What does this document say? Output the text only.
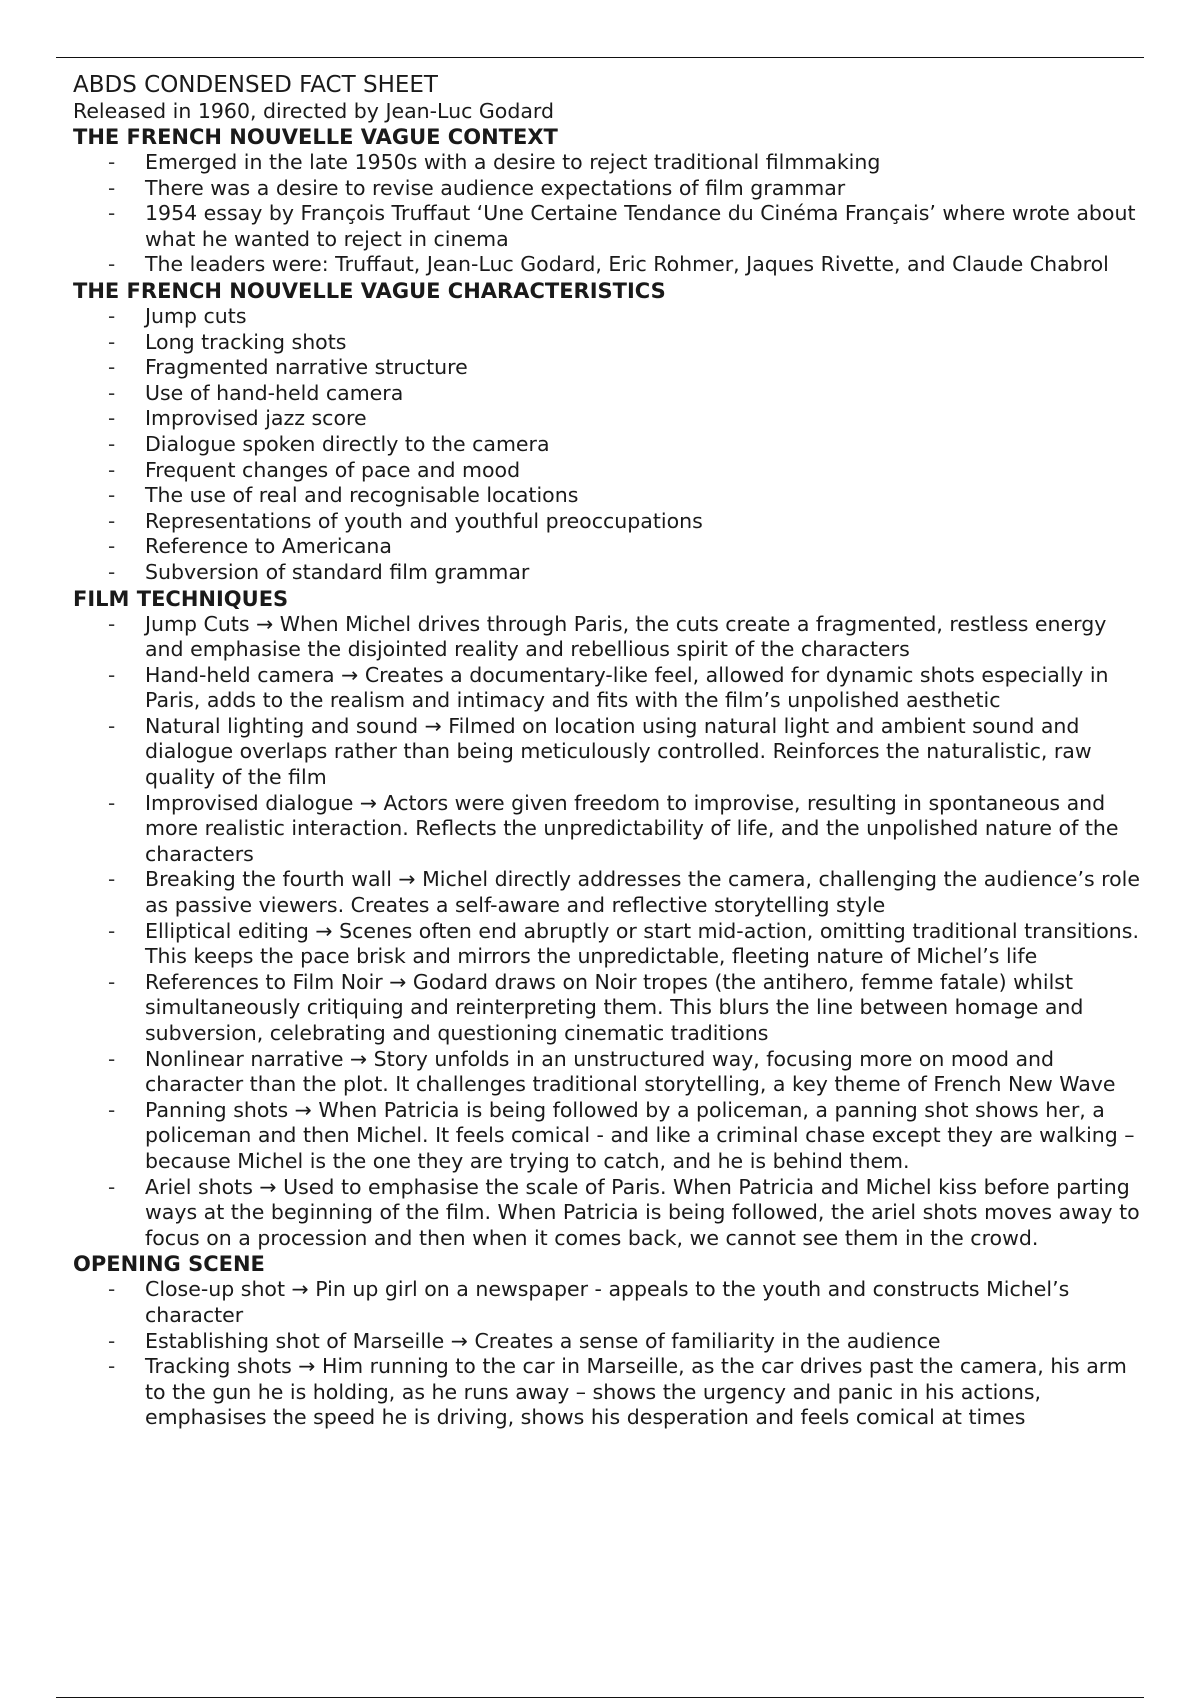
ABDS CONDENSED FACT SHEET
Released in 1960, directed by Jean-Luc Godard
THE FRENCH NOUVELLE VAGUE CONTEXT
- Emerged in the late 1950s with a desire to reject traditional filmmaking
- There was a desire to revise audience expectations of film grammar
- 1954 essay by François Truffaut ‘Une Certaine Tendance du Cinéma Français’ where wrote about what he wanted to reject in cinema
- The leaders were: Truffaut, Jean-Luc Godard, Eric Rohmer, Jaques Rivette, and Claude Chabrol
THE FRENCH NOUVELLE VAGUE CHARACTERISTICS
- Jump cuts
- Long tracking shots
- Fragmented narrative structure
- Use of hand-held camera
- Improvised jazz score
- Dialogue spoken directly to the camera
- Frequent changes of pace and mood
- The use of real and recognisable locations
- Representations of youth and youthful preoccupations
- Reference to Americana
- Subversion of standard film grammar
FILM TECHNIQUES
- Jump Cuts → When Michel drives through Paris, the cuts create a fragmented, restless energy and emphasise the disjointed reality and rebellious spirit of the characters
- Hand-held camera → Creates a documentary-like feel, allowed for dynamic shots especially in Paris, adds to the realism and intimacy and fits with the film’s unpolished aesthetic
- Natural lighting and sound → Filmed on location using natural light and ambient sound and dialogue overlaps rather than being meticulously controlled. Reinforces the naturalistic, raw quality of the film
- Improvised dialogue → Actors were given freedom to improvise, resulting in spontaneous and more realistic interaction. Reflects the unpredictability of life, and the unpolished nature of the characters
- Breaking the fourth wall → Michel directly addresses the camera, challenging the audience’s role as passive viewers. Creates a self-aware and reflective storytelling style
- Elliptical editing → Scenes often end abruptly or start mid-action, omitting traditional transitions. This keeps the pace brisk and mirrors the unpredictable, fleeting nature of Michel’s life
- References to Film Noir → Godard draws on Noir tropes (the antihero, femme fatale) whilst simultaneously critiquing and reinterpreting them. This blurs the line between homage and subversion, celebrating and questioning cinematic traditions
- Nonlinear narrative → Story unfolds in an unstructured way, focusing more on mood and character than the plot. It challenges traditional storytelling, a key theme of French New Wave
- Panning shots → When Patricia is being followed by a policeman, a panning shot shows her, a policeman and then Michel. It feels comical - and like a criminal chase except they are walking – because Michel is the one they are trying to catch, and he is behind them.
- Ariel shots → Used to emphasise the scale of Paris. When Patricia and Michel kiss before parting ways at the beginning of the film. When Patricia is being followed, the ariel shots moves away to focus on a procession and then when it comes back, we cannot see them in the crowd.
OPENING SCENE
- Close-up shot → Pin up girl on a newspaper - appeals to the youth and constructs Michel’s character
- Establishing shot of Marseille → Creates a sense of familiarity in the audience
- Tracking shots → Him running to the car in Marseille, as the car drives past the camera, his arm to the gun he is holding, as he runs away – shows the urgency and panic in his actions, emphasises the speed he is driving, shows his desperation and feels comical at times
